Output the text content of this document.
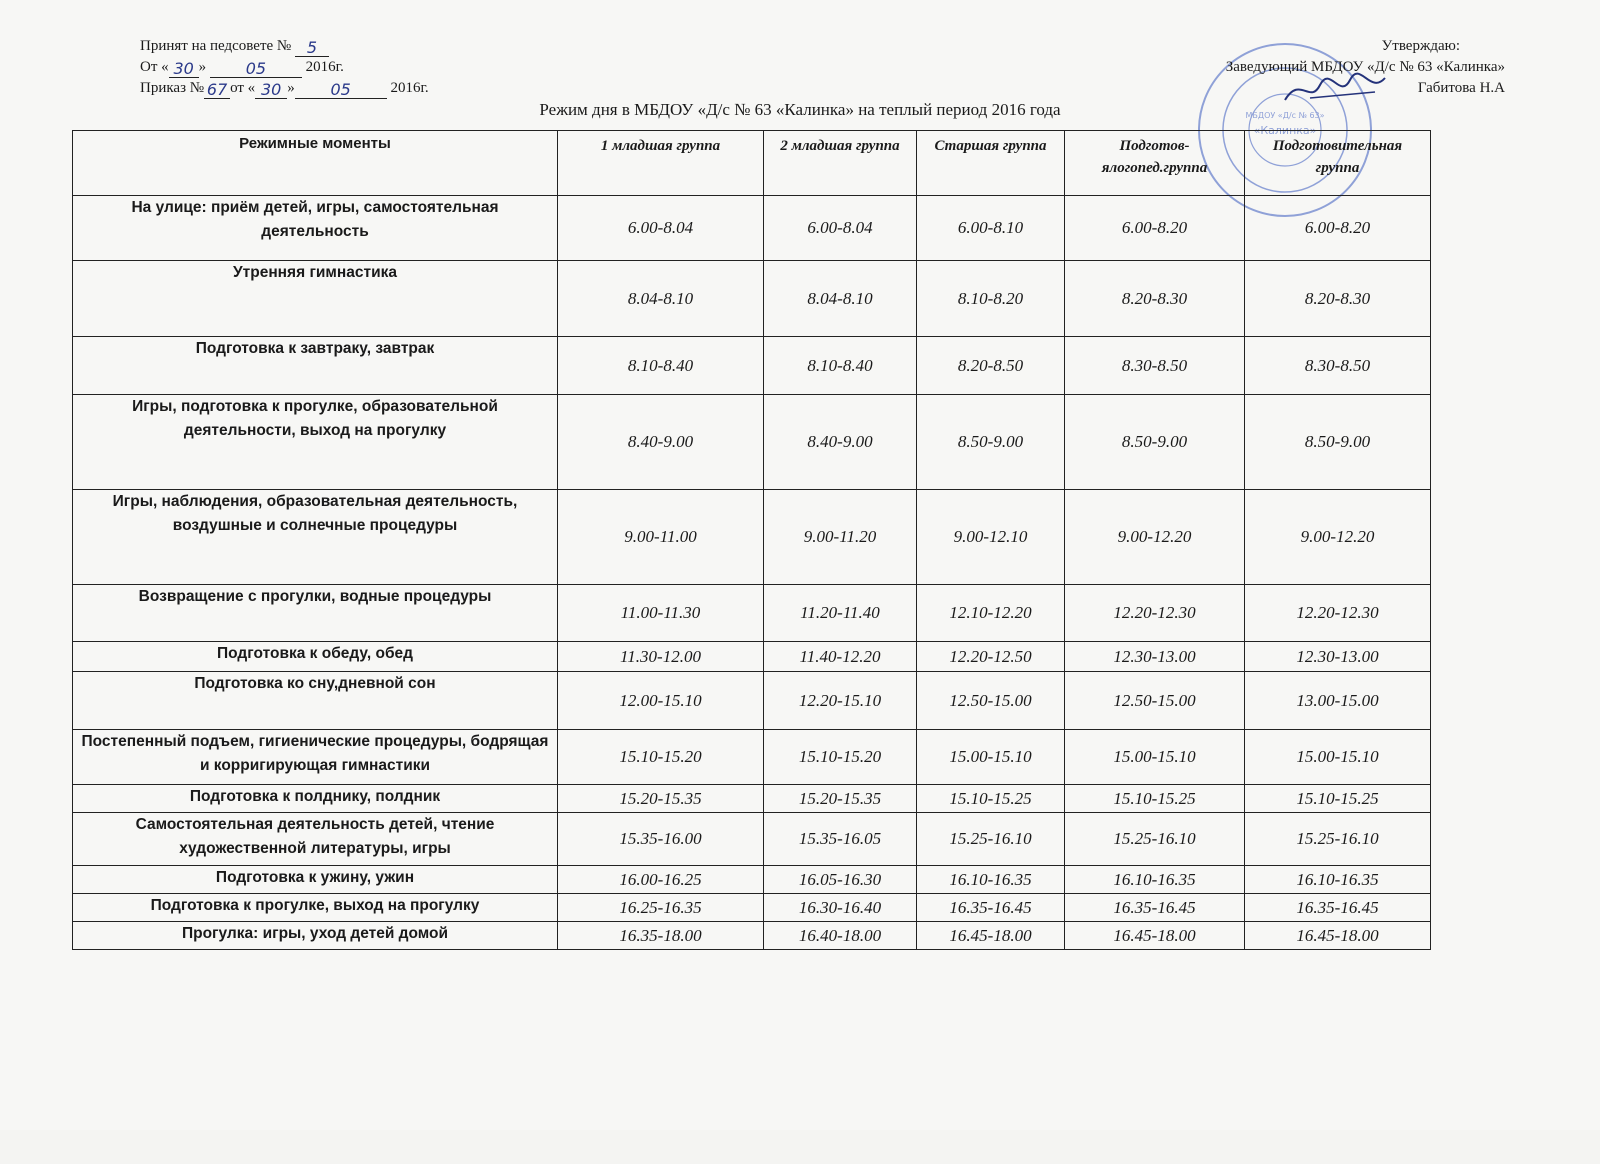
Принят на педсовете № 5
От « 30 » 05	2016г.
Приказ № 67 от « 30 » 05	2016г.
«Калинка»
МБДОУ «Д/с № 63»
Утверждаю:
Заведующий МБДОУ «Д/с № 63 «Калинка»
Габитова Н.А
Режим дня в МБДОУ «Д/с № 63 «Калинка» на теплый период 2016 года
Режимные моменты	1 младшая группа	2 младшая группа	Старшая группа	Подготов-ялогопед.группа	Подготовительная группа
На улице: приём детей, игры, самостоятельная деятельность	6.00-8.04	6.00-8.04	6.00-8.10	6.00-8.20	6.00-8.20
Утренняя гимнастика	8.04-8.10	8.04-8.10	8.10-8.20	8.20-8.30	8.20-8.30
Подготовка к завтраку, завтрак	8.10-8.40	8.10-8.40	8.20-8.50	8.30-8.50	8.30-8.50
Игры, подготовка к прогулке, образовательной деятельности, выход на прогулку	8.40-9.00	8.40-9.00	8.50-9.00	8.50-9.00	8.50-9.00
Игры, наблюдения, образовательная деятельность, воздушные и солнечные процедуры	9.00-11.00	9.00-11.20	9.00-12.10	9.00-12.20	9.00-12.20
Возвращение с прогулки, водные процедуры	11.00-11.30	11.20-11.40	12.10-12.20	12.20-12.30	12.20-12.30
Подготовка к обеду, обед	11.30-12.00	11.40-12.20	12.20-12.50	12.30-13.00	12.30-13.00
Подготовка ко сну,дневной сон	12.00-15.10	12.20-15.10	12.50-15.00	12.50-15.00	13.00-15.00
Постепенный подъем, гигиенические процедуры, бодрящая и корригирующая гимнастики	15.10-15.20	15.10-15.20	15.00-15.10	15.00-15.10	15.00-15.10
Подготовка к полднику, полдник	15.20-15.35	15.20-15.35	15.10-15.25	15.10-15.25	15.10-15.25
Самостоятельная деятельность детей, чтение художественной литературы, игры	15.35-16.00	15.35-16.05	15.25-16.10	15.25-16.10	15.25-16.10
Подготовка к ужину, ужин	16.00-16.25	16.05-16.30	16.10-16.35	16.10-16.35	16.10-16.35
Подготовка к прогулке, выход на прогулку	16.25-16.35	16.30-16.40	16.35-16.45	16.35-16.45	16.35-16.45
Прогулка: игры, уход детей домой	16.35-18.00	16.40-18.00	16.45-18.00	16.45-18.00	16.45-18.00
